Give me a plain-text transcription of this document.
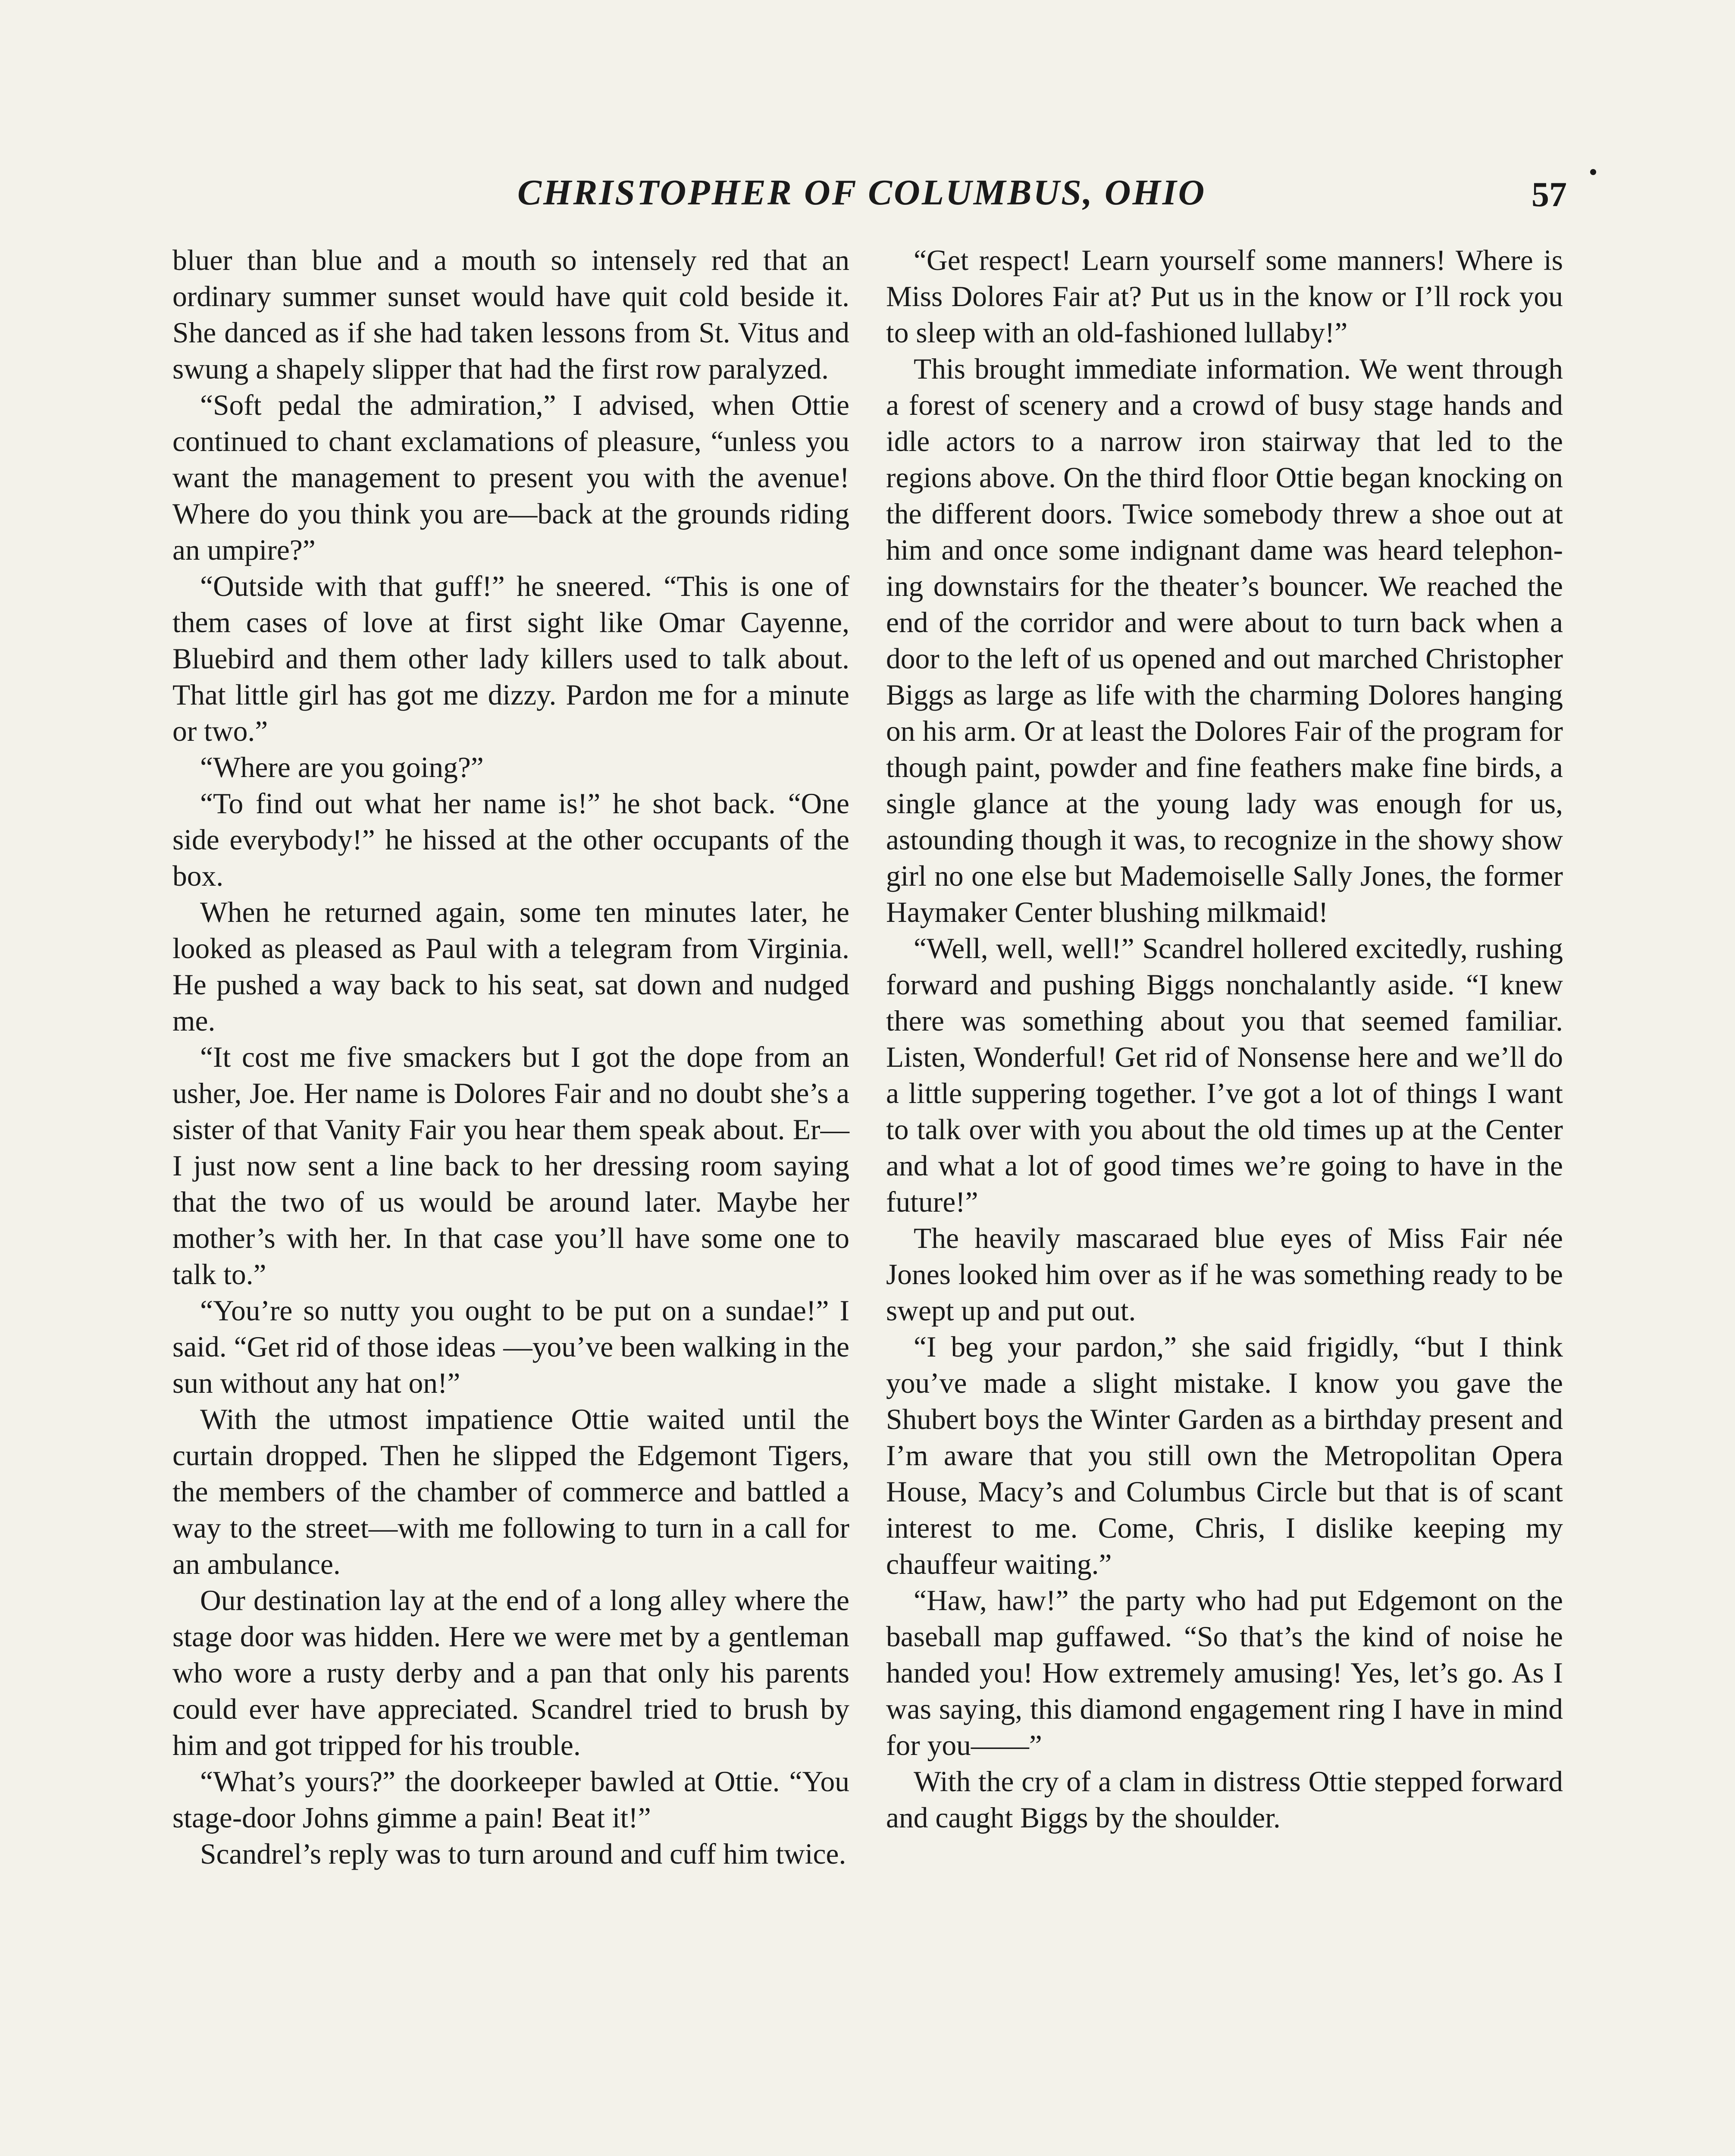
CHRISTOPHER OF COLUMBUS, OHIO	57

bluer than blue and a mouth so intensely red that an ordinary summer sunset would have quit cold beside it. She danced as if she had taken lessons from St. Vitus and swung a shapely slipper that had the first row paralyzed.

“Soft pedal the admiration,” I advised, when Ottie continued to chant exclamations of pleasure, “unless you want the management to present you with the avenue! Where do you think you are—back at the grounds riding an umpire?”

“Outside with that guff!” he sneered. “This is one of them cases of love at first sight like Omar Cayenne, Bluebird and them other lady killers used to talk about. That little girl has got me dizzy. Pardon me for a minute or two.”

“Where are you going?”

“To find out what her name is!” he shot back. “One side everybody!” he hissed at the other occupants of the box.

When he returned again, some ten minutes later, he looked as pleased as Paul with a telegram from Virginia. He pushed a way back to his seat, sat down and nudged me.

“It cost me five smackers but I got the dope from an usher, Joe. Her name is Dolores Fair and no doubt she’s a sister of that Vanity Fair you hear them speak about. Er—I just now sent a line back to her dressing room saying that the two of us would be around later. Maybe her mother’s with her. In that case you’ll have some one to talk to.”

“You’re so nutty you ought to be put on a sundae!” I said. “Get rid of those ideas —you’ve been walking in the sun without any hat on!”

With the utmost impatience Ottie waited until the curtain dropped. Then he slipped the Edgemont Tigers, the members of the chamber of commerce and battled a way to the street—with me following to turn in a call for an ambulance.

Our destination lay at the end of a long alley where the stage door was hidden. Here we were met by a gentleman who wore a rusty derby and a pan that only his parents could ever have appreciated. Scandrel tried to brush by him and got tripped for his trouble.

“What’s yours?” the doorkeeper bawled at Ottie. “You stage-door Johns gimme a pain! Beat it!”

Scandrel’s reply was to turn around and cuff him twice.

“Get respect! Learn yourself some manners! Where is Miss Dolores Fair at? Put us in the know or I’ll rock you to sleep with an old-fashioned lullaby!”

This brought immediate information. We went through a forest of scenery and a crowd of busy stage hands and idle actors to a narrow iron stairway that led to the regions above. On the third floor Ottie began knocking on the different doors. Twice somebody threw a shoe out at him and once some indignant dame was heard telephoning downstairs for the theater’s bouncer. We reached the end of the corridor and were about to turn back when a door to the left of us opened and out marched Christopher Biggs as large as life with the charming Dolores hanging on his arm. Or at least the Dolores Fair of the program for though paint, powder and fine feathers make fine birds, a single glance at the young lady was enough for us, astounding though it was, to recognize in the showy show girl no one else but Mademoiselle Sally Jones, the former Haymaker Center blushing milkmaid!

“Well, well, well!” Scandrel hollered excitedly, rushing forward and pushing Biggs nonchalantly aside. “I knew there was something about you that seemed familiar. Listen, Wonderful! Get rid of Nonsense here and we’ll do a little suppering together. I’ve got a lot of things I want to talk over with you about the old times up at the Center and what a lot of good times we’re going to have in the future!”

The heavily mascaraed blue eyes of Miss Fair née Jones looked him over as if he was something ready to be swept up and put out.

“I beg your pardon,” she said frigidly, “but I think you’ve made a slight mistake. I know you gave the Shubert boys the Winter Garden as a birthday present and I’m aware that you still own the Metropolitan Opera House, Macy’s and Columbus Circle but that is of scant interest to me. Come, Chris, I dislike keeping my chauffeur waiting.”

“Haw, haw!” the party who had put Edgemont on the baseball map guffawed. “So that’s the kind of noise he handed you! How extremely amusing! Yes, let’s go. As I was saying, this diamond engagement ring I have in mind for you——”

With the cry of a clam in distress Ottie stepped forward and caught Biggs by the shoulder.
